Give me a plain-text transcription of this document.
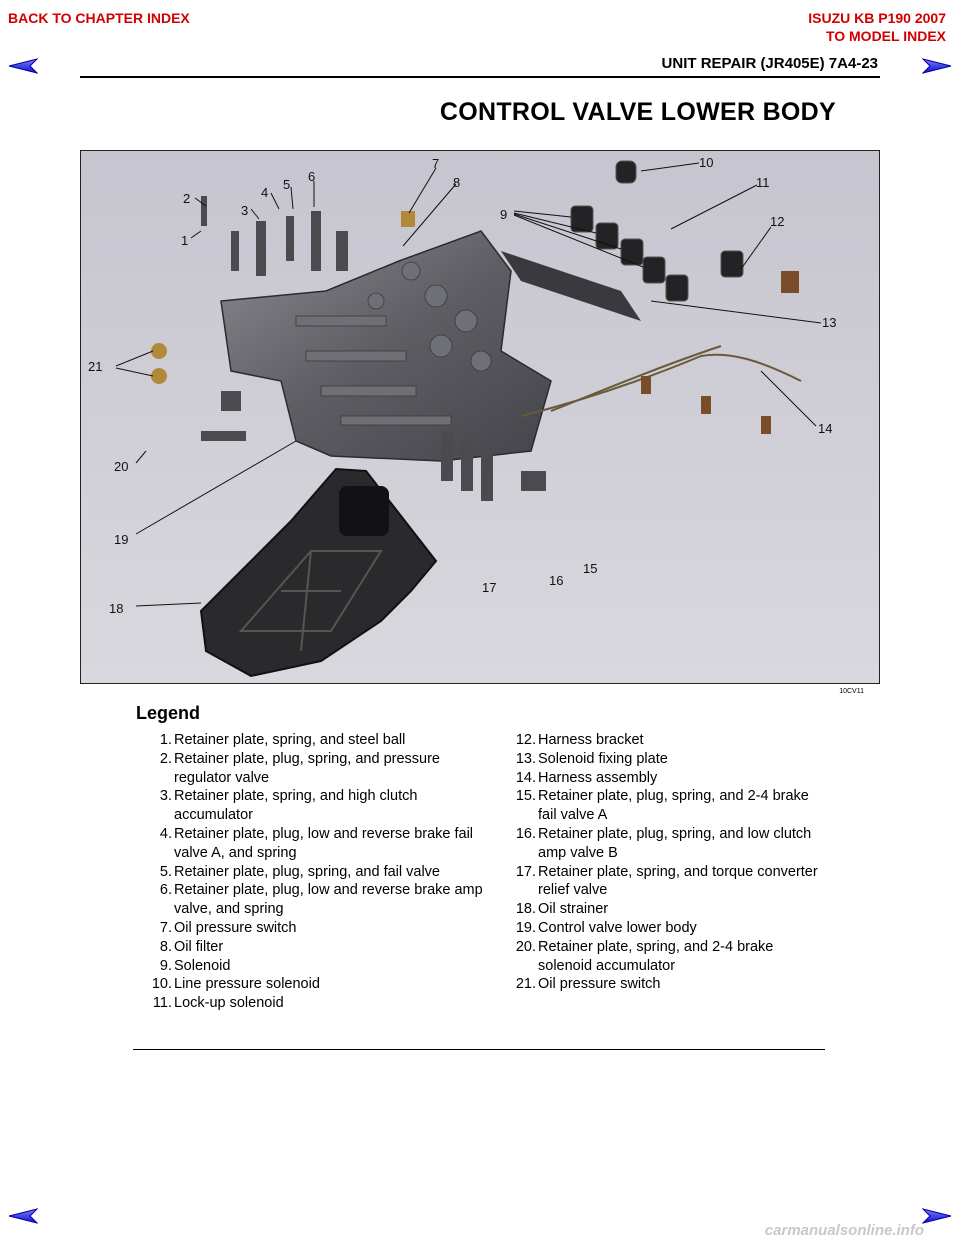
BACK TO CHAPTER INDEX	ISUZU KB P190 2007
TO MODEL INDEX
UNIT REPAIR (JR405E) 7A4-23
CONTROL VALVE LOWER BODY
1
2
3
4
5
6
7
8
9
10
11
12
13
14
15
16
17
18
19
20
21
10CV11
Legend
1. Retainer plate, spring, and steel ball
2. Retainer plate, plug, spring, and pressure regulator valve
3. Retainer plate, spring, and high clutch accumulator
4. Retainer plate, plug, low and reverse brake fail valve A, and spring
5. Retainer plate, plug, spring, and fail valve
6. Retainer plate, plug, low and reverse brake amp valve, and spring
7. Oil pressure switch
8. Oil filter
9. Solenoid
10. Line pressure solenoid
11. Lock-up solenoid
12. Harness bracket
13. Solenoid fixing plate
14. Harness assembly
15. Retainer plate, plug, spring, and 2-4 brake fail valve A
16. Retainer plate, plug, spring, and low clutch amp valve B
17. Retainer plate, spring, and torque converter relief valve
18. Oil strainer
19. Control valve lower body
20. Retainer plate, spring, and 2-4 brake solenoid accumulator
21. Oil pressure switch
carmanualsonline.info
